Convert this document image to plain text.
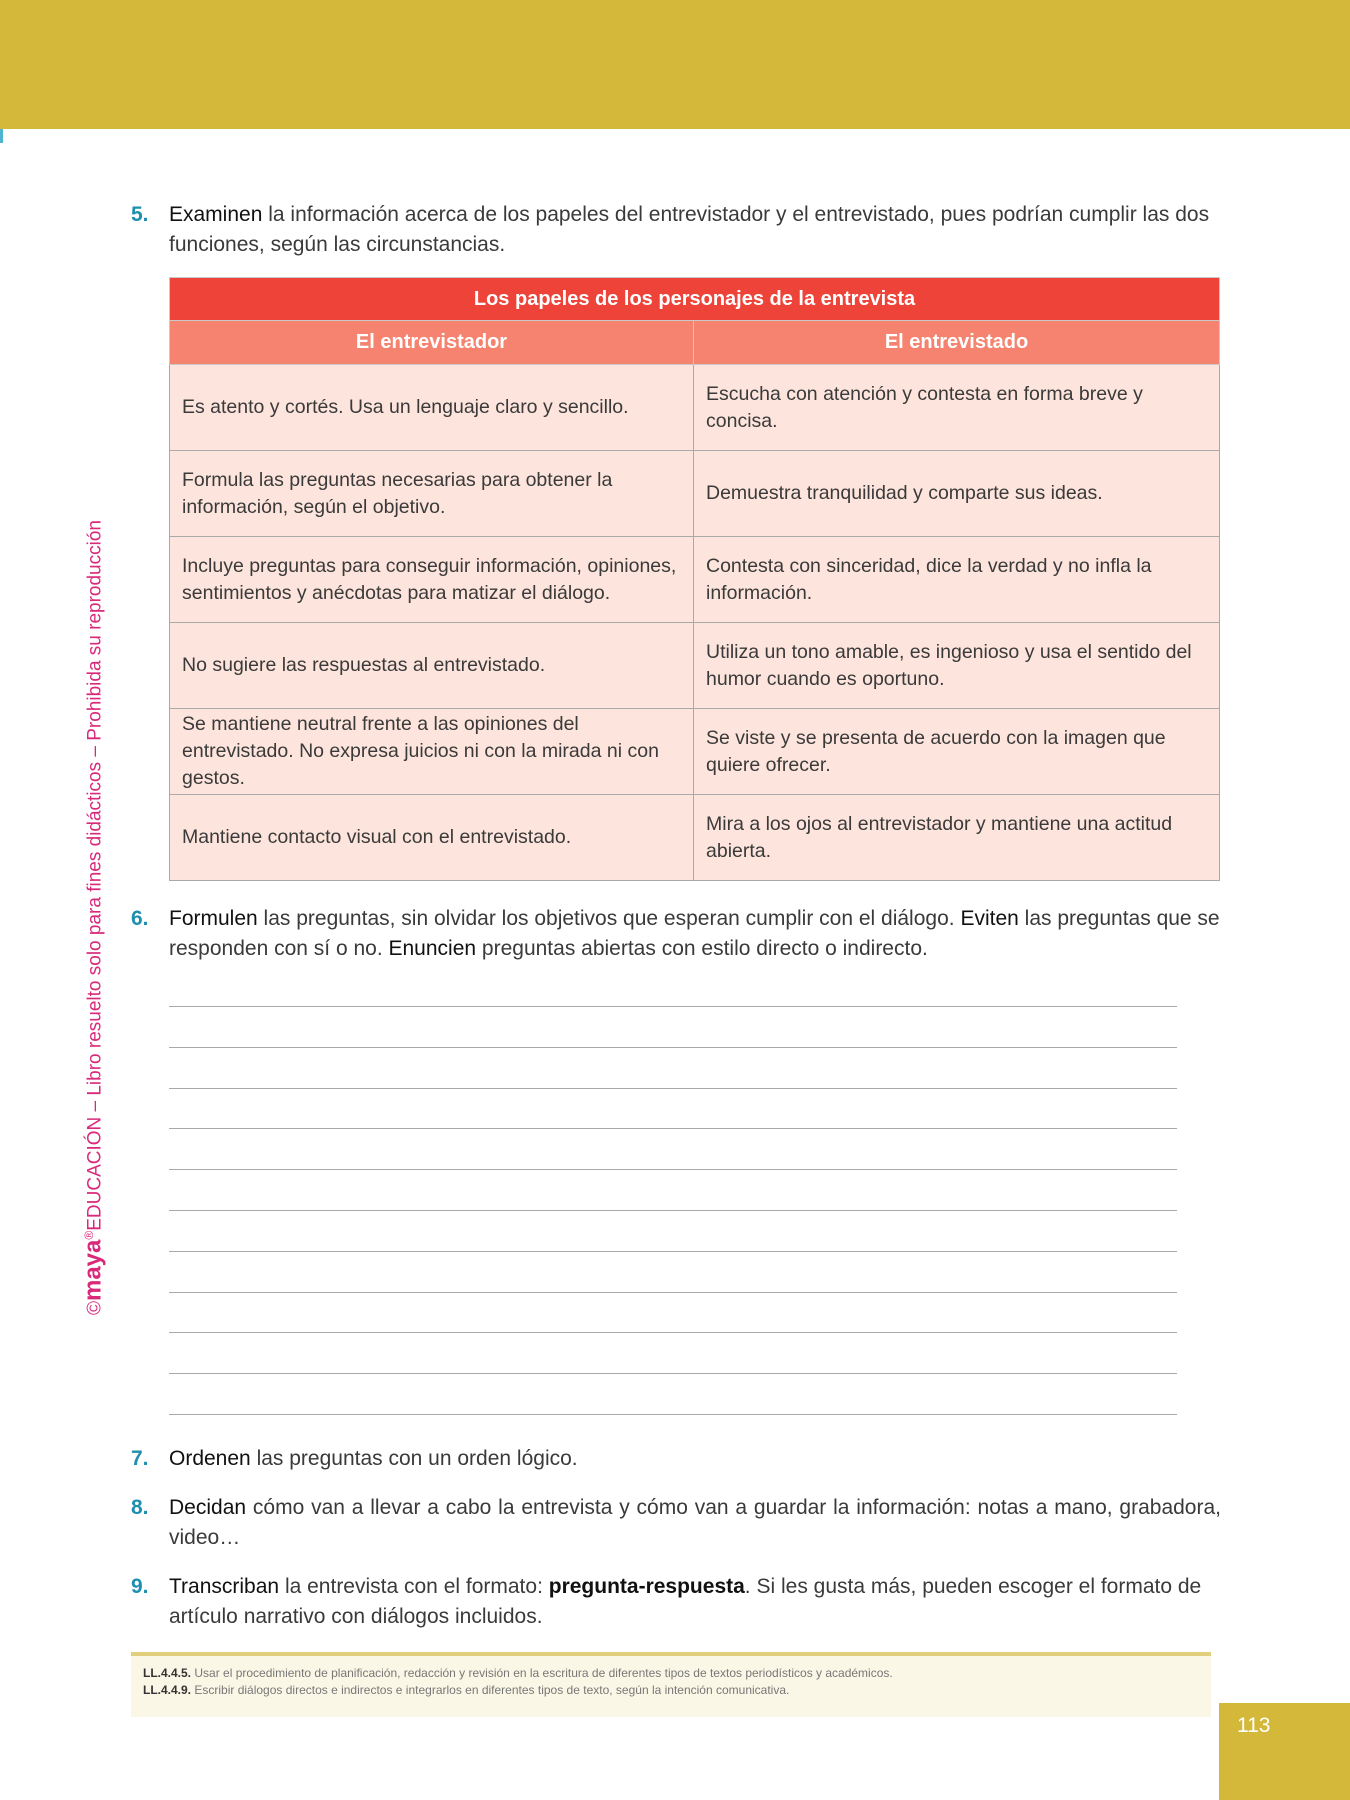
©maya®EDUCACIÓN – Libro resuelto solo para fines didácticos – Prohibida su reproducción
5. Examinen la información acerca de los papeles del entrevistador y el entrevistado, pues podrían cumplir las dos funciones, según las circunstancias.
Los papeles de los personajes de la entrevista	
El entrevistador	El entrevistado
Es atento y cortés. Usa un lenguaje claro y sencillo.	Escucha con atención y contesta en forma breve y concisa.
Formula las preguntas necesarias para obtener la información, según el objetivo.	Demuestra tranquilidad y comparte sus ideas.
Incluye preguntas para conseguir información, opiniones, sentimientos y anécdotas para matizar el diálogo.	Contesta con sinceridad, dice la verdad y no infla la información.
No sugiere las respuestas al entrevistado.	Utiliza un tono amable, es ingenioso y usa el sentido del humor cuando es oportuno.
Se mantiene neutral frente a las opiniones del entrevistado. No expresa juicios ni con la mirada ni con gestos.	Se viste y se presenta de acuerdo con la imagen que quiere ofrecer.
Mantiene contacto visual con el entrevistado.	Mira a los ojos al entrevistador y mantiene una actitud abierta.
6. Formulen las preguntas, sin olvidar los objetivos que esperan cumplir con el diálogo. Eviten las preguntas que se responden con sí o no. Enuncien preguntas abiertas con estilo directo o indirecto.
7. Ordenen las preguntas con un orden lógico.
8. Decidan cómo van a llevar a cabo la entrevista y cómo van a guardar la información: notas a mano, grabadora, video…
9. Transcriban la entrevista con el formato: pregunta-respuesta. Si les gusta más, pueden escoger el formato de artículo narrativo con diálogos incluidos.
LL.4.4.5. Usar el procedimiento de planificación, redacción y revisión en la escritura de diferentes tipos de textos periodísticos y académicos.
LL.4.4.9. Escribir diálogos directos e indirectos e integrarlos en diferentes tipos de texto, según la intención comunicativa.
113
